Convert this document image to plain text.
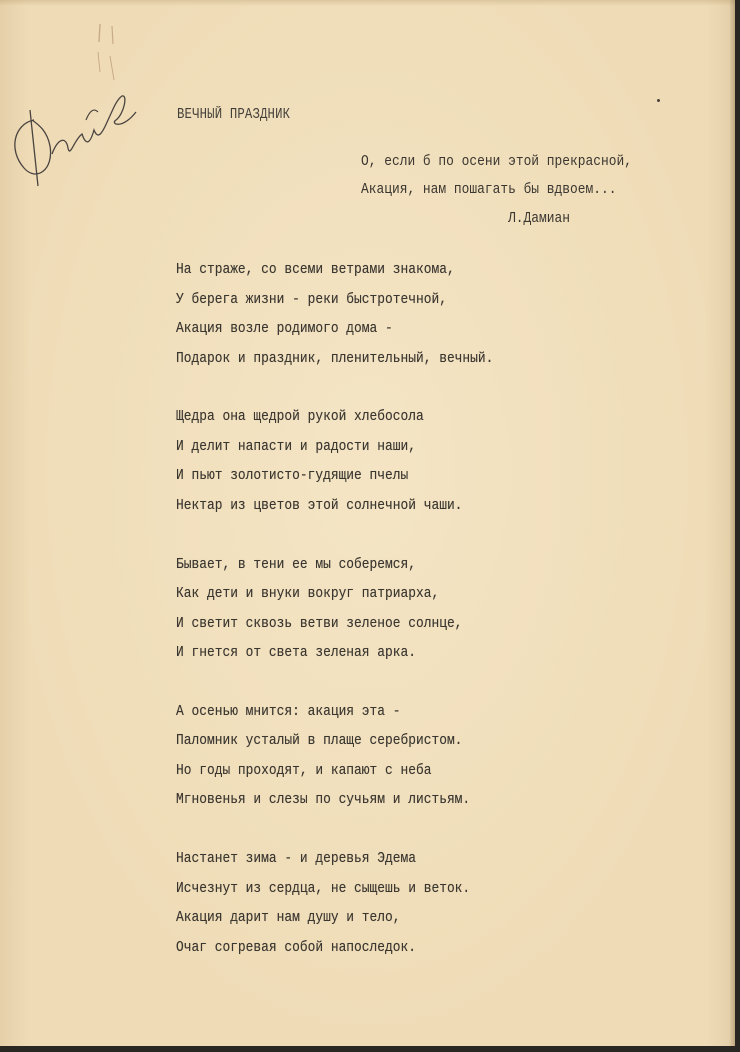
ВЕЧНЫЙ ПРАЗДНИК
О, если б по осени этой прекрасной,
Акация, нам пошагать бы вдвоем...
Л.Дамиан
На страже, со всеми ветрами знакома,
У берега жизни - реки быстротечной,
Акация возле родимого дома -
Подарок и праздник, пленительный, вечный.
Щедра она щедрой рукой хлебосола
И делит напасти и радости наши,
И пьют золотисто-гудящие пчелы
Нектар из цветов этой солнечной чаши.
Бывает, в тени ее мы соберемся,
Как дети и внуки вокруг патриарха,
И светит сквозь ветви зеленое солнце,
И гнется от света зеленая арка.
А осенью мнится: акация эта -
Паломник усталый в плаще серебристом.
Но годы проходят, и капают с неба
Мгновенья и слезы по сучьям и листьям.
Настанет зима - и деревья Эдема
Исчезнут из сердца, не сыщешь и веток.
Акация дарит нам душу и тело,
Очаг согревая собой напоследок.
